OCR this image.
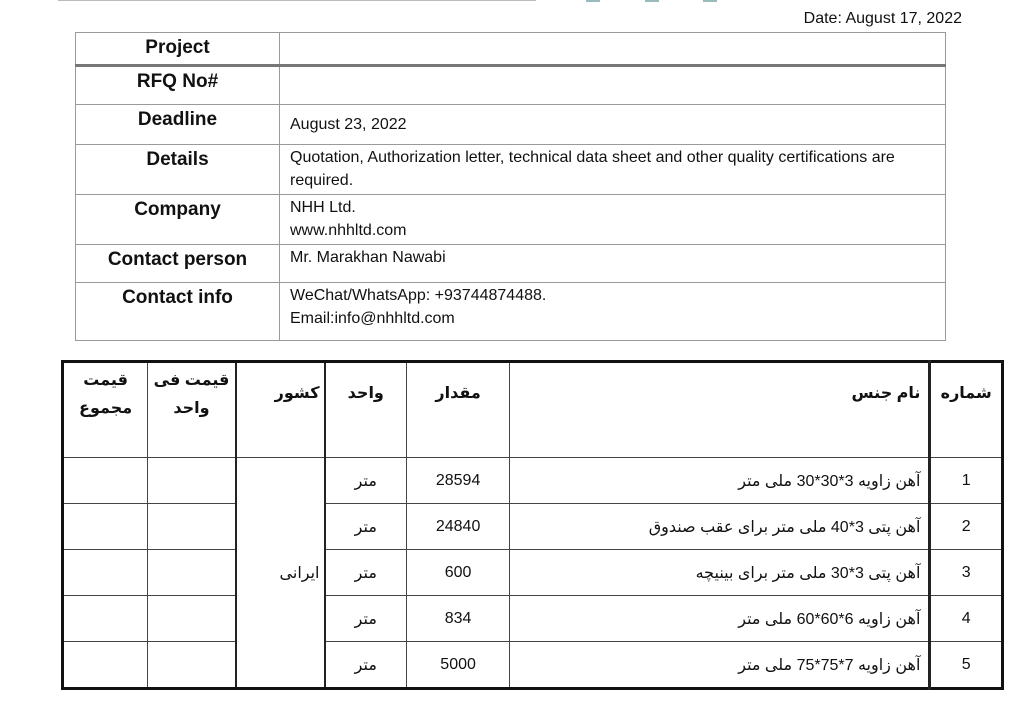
Date: August 17, 2022
Project	
RFQ No#	
Deadline	August 23, 2022
Details	Quotation, Authorization letter, technical data sheet and other quality certifications are required.
Company	NHH Ltd.
www.nhhltd.com

Contact person	Mr. Marakhan Nawabi
Contact info	WeChat/WhatsApp: +93744874488.
Email:info@nhhltd.com
شماره	نام جنس	مقدار	واحد	کشور	قیمت فی واحد	قیمت مجموع
1	آهن زاویه 3*30*30 ملی متر	28594	متر	ایرانی		
2	آهن پتی 3*40 ملی متر برای عقب صندوق	24840	متر			
3	آهن پتی 3*30 ملی متر برای بینیچه	600	متر			
4	آهن زاویه 6*60*60 ملی متر	834	متر			
5	آهن زاویه 7*75*75 ملی متر	5000	متر			
